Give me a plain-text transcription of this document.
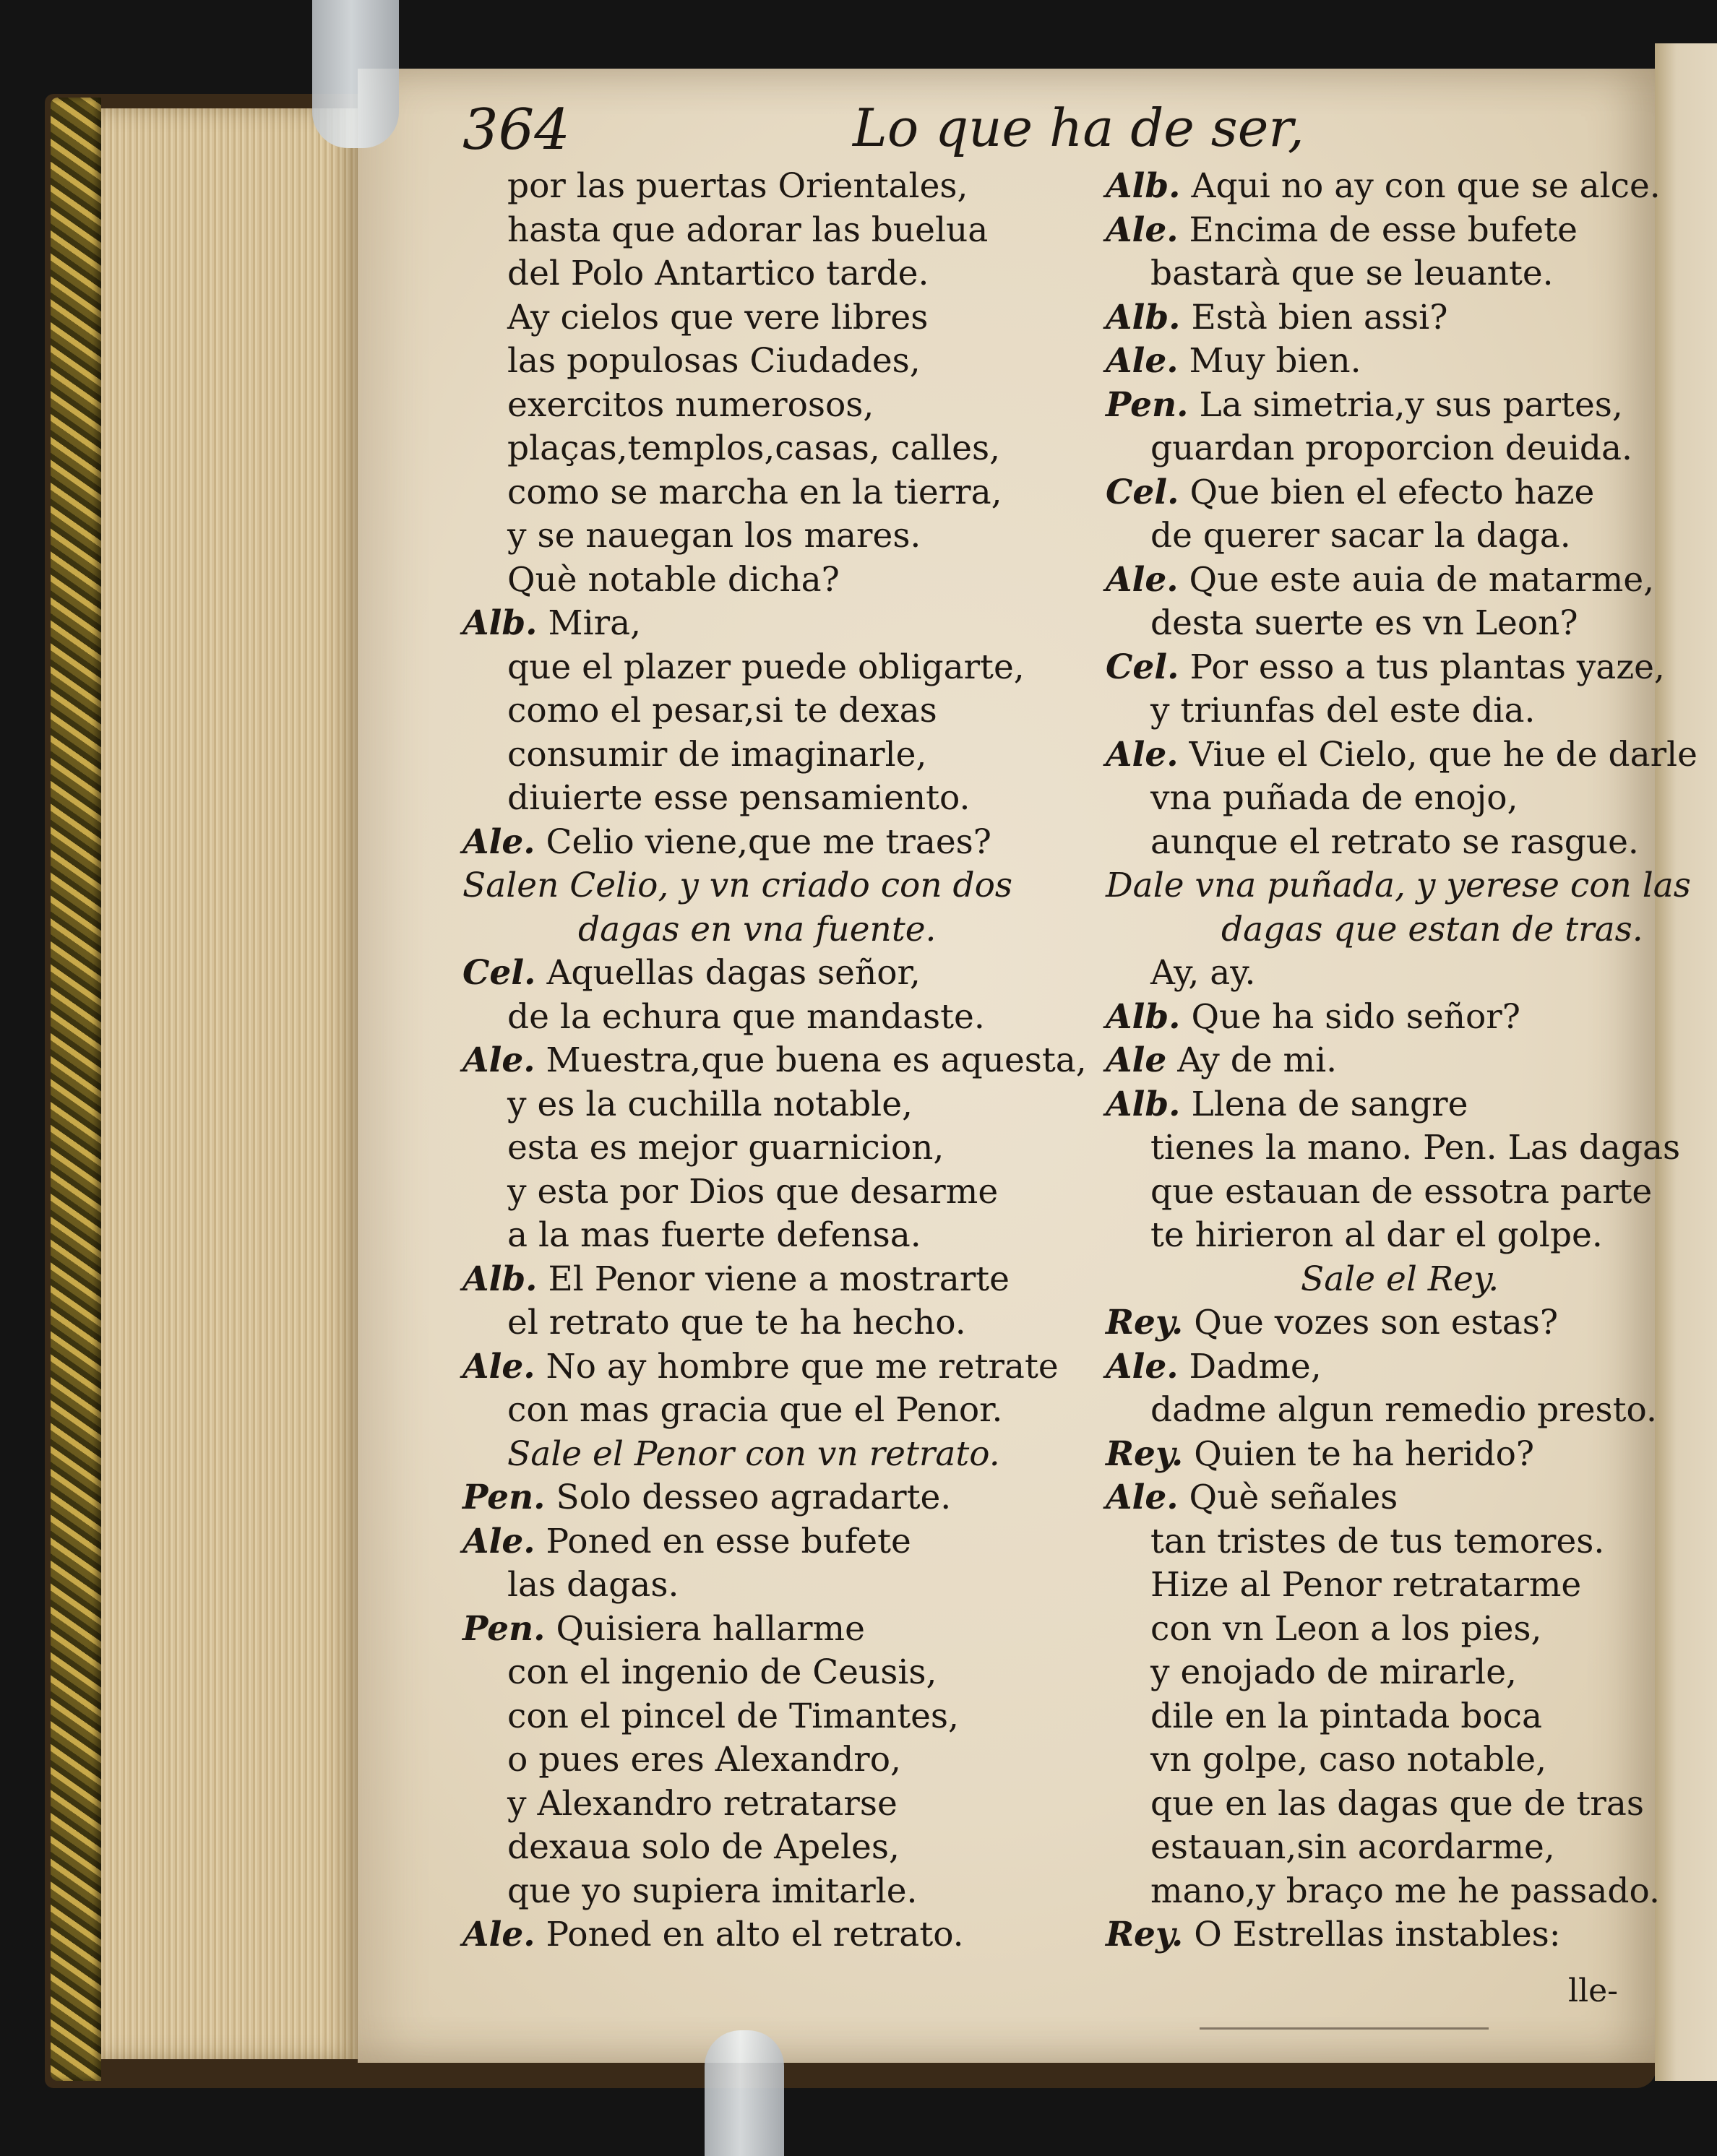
364	Lo que ha de ser,
por las puertas Orientales,
hasta que adorar las buelua
del Polo Antartico tarde.
Ay cielos que vere libres
las populosas Ciudades,
exercitos numerosos,
plaças,templos,casas, calles,
como se marcha en la tierra,
y se nauegan los mares.
Què notable dicha?
Alb. Mira,
que el plazer puede obligarte,
como el pesar,si te dexas
consumir de imaginarle,
diuierte esse pensamiento.
Ale. Celio viene,que me traes?
Salen Celio, y vn criado con dos
dagas en vna fuente.
Cel. Aquellas dagas señor,
de la echura que mandaste.
Ale. Muestra,que buena es aquesta,
y es la cuchilla notable,
esta es mejor guarnicion,
y esta por Dios que desarme
a la mas fuerte defensa.
Alb. El Penor viene a mostrarte
el retrato que te ha hecho.
Ale. No ay hombre que me retrate
con mas gracia que el Penor.
Sale el Penor con vn retrato.
Pen. Solo desseo agradarte.
Ale. Poned en esse bufete
las dagas.
Pen. Quisiera hallarme
con el ingenio de Ceusis,
con el pincel de Timantes,
o pues eres Alexandro,
y Alexandro retratarse
dexaua solo de Apeles,
que yo supiera imitarle.
Ale. Poned en alto el retrato.
Alb. Aqui no ay con que se alce.
Ale. Encima de esse bufete
bastarà que se leuante.
Alb. Està bien assi?
Ale. Muy bien.
Pen. La simetria,y sus partes,
guardan proporcion deuida.
Cel. Que bien el efecto haze
de querer sacar la daga.
Ale. Que este auia de matarme,
desta suerte es vn Leon?
Cel. Por esso a tus plantas yaze,
y triunfas del este dia.
Ale. Viue el Cielo, que he de darle
vna puñada de enojo,
aunque el retrato se rasgue.
Dale vna puñada, y yerese con las
dagas que estan de tras.
Ay, ay.
Alb. Que ha sido señor?
Ale Ay de mi.
Alb. Llena de sangre
tienes la mano. Pen. Las dagas
que estauan de essotra parte
te hirieron al dar el golpe.
Sale el Rey.
Rey. Que vozes son estas?
Ale. Dadme,
dadme algun remedio presto.
Rey. Quien te ha herido?
Ale. Què señales
tan tristes de tus temores.
Hize al Penor retratarme
con vn Leon a los pies,
y enojado de mirarle,
dile en la pintada boca
vn golpe, caso notable,
que en las dagas que de tras
estauan,sin acordarme,
mano,y braço me he passado.
Rey. O Estrellas instables:
lle-
